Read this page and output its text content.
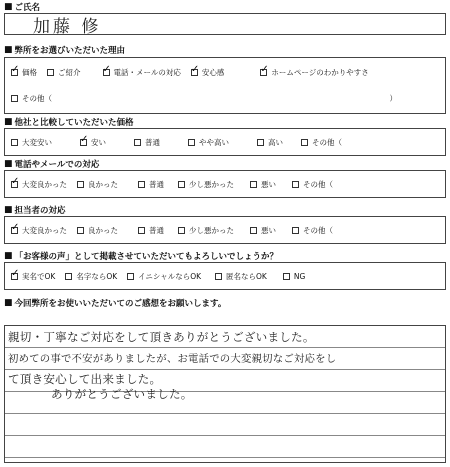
■ ご氏名
加藤 修
■ 弊所をお選びいただいた理由
✓
価格	ご紹介 ✓	電話・メールの対応 ✓	安心感 ✓	ホームページのわかりやすさ
その他（	）
■ 他社と比較していただいた価格
大変安い ✓	安い	普通	やや高い	高い	その他（
■ 電話やメールでの対応
✓
大変良かった	良かった	普通	少し悪かった	悪い	その他（
■ 担当者の対応
✓
大変良かった	良かった	普通	少し悪かった	悪い	その他（
■ 「お客様の声」として掲載させていただいてもよろしいでしょうか？
✓
実名でOK	名字ならOK	イニシャルならOK	匿名ならOK	NG
■ 今回弊所をお使いいただいてのご感想をお願いします。
親切・丁寧なご対応をして頂きありがとうございました。
初めての事で不安がありましたが、お電話での大変親切なご対応をし
て頂き安心して出来ました。
ありがとうございました。
